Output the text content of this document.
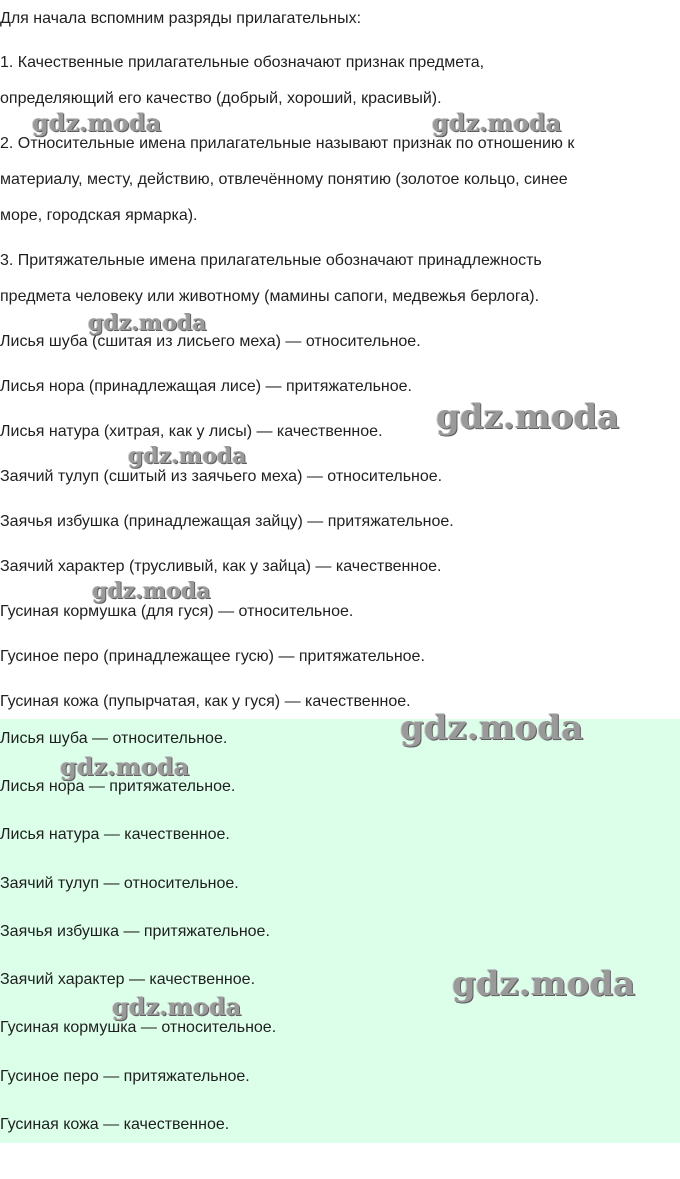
Для начала вспомним разряды прилагательных:
1. Качественные прилагательные обозначают признак предмета,
определяющий его качество (добрый, хороший, красивый).
2. Относительные имена прилагательные называют признак по отношению к
материалу, месту, действию, отвлечённому понятию (золотое кольцо, синее
море, городская ярмарка).
3. Притяжательные имена прилагательные обозначают принадлежность
предмета человеку или животному (мамины сапоги, медвежья берлога).
Лисья шуба (сшитая из лисьего меха) — относительное.
Лисья нора (принадлежащая лисе) — притяжательное.
Лисья натура (хитрая, как у лисы) — качественное.
Заячий тулуп (сшитый из заячьего меха) — относительное.
Заячья избушка (принадлежащая зайцу) — притяжательное.
Заячий характер (трусливый, как у зайца) — качественное.
Гусиная кормушка (для гуся) — относительное.
Гусиное перо (принадлежащее гусю) — притяжательное.
Гусиная кожа (пупырчатая, как у гуся) — качественное.
Лисья шуба — относительное.
Лисья нора — притяжательное.
Лисья натура — качественное.
Заячий тулуп — относительное.
Заячья избушка — притяжательное.
Заячий характер — качественное.
Гусиная кормушка — относительное.
Гусиное перо — притяжательное.
Гусиная кожа — качественное.
gdz.moda	gdz.moda
gdz.moda
gdz.moda
gdz.moda
gdz.moda
gdz.moda
gdz.moda
gdz.moda
gdz.moda
